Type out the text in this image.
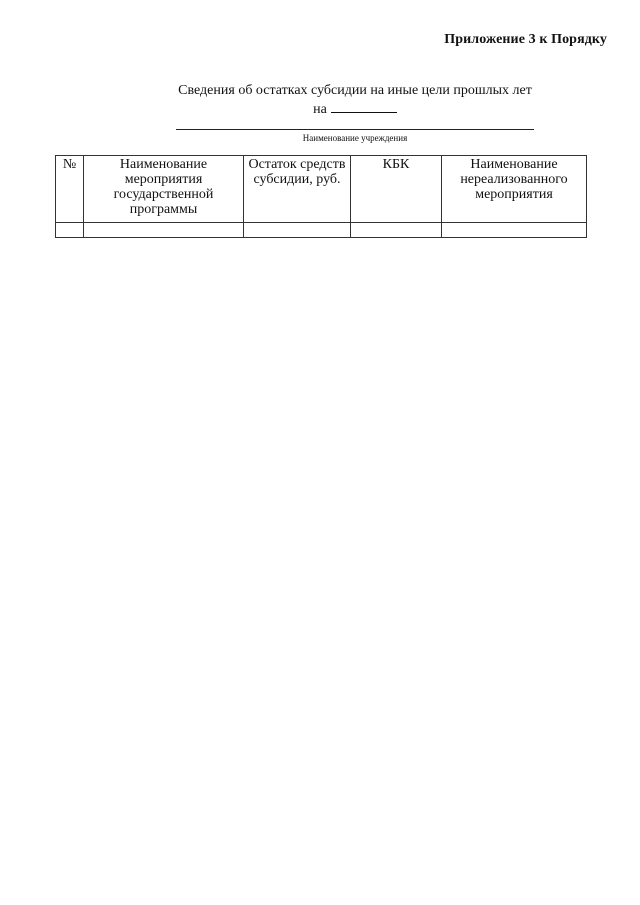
Приложение 3 к Порядку
Сведения об остатках субсидии на иные цели прошлых лет
на
Наименование учреждения
№	Наименование мероприятия государственной программы	Остаток средств субсидии, руб.	КБК	Наименование нереализованного мероприятия
